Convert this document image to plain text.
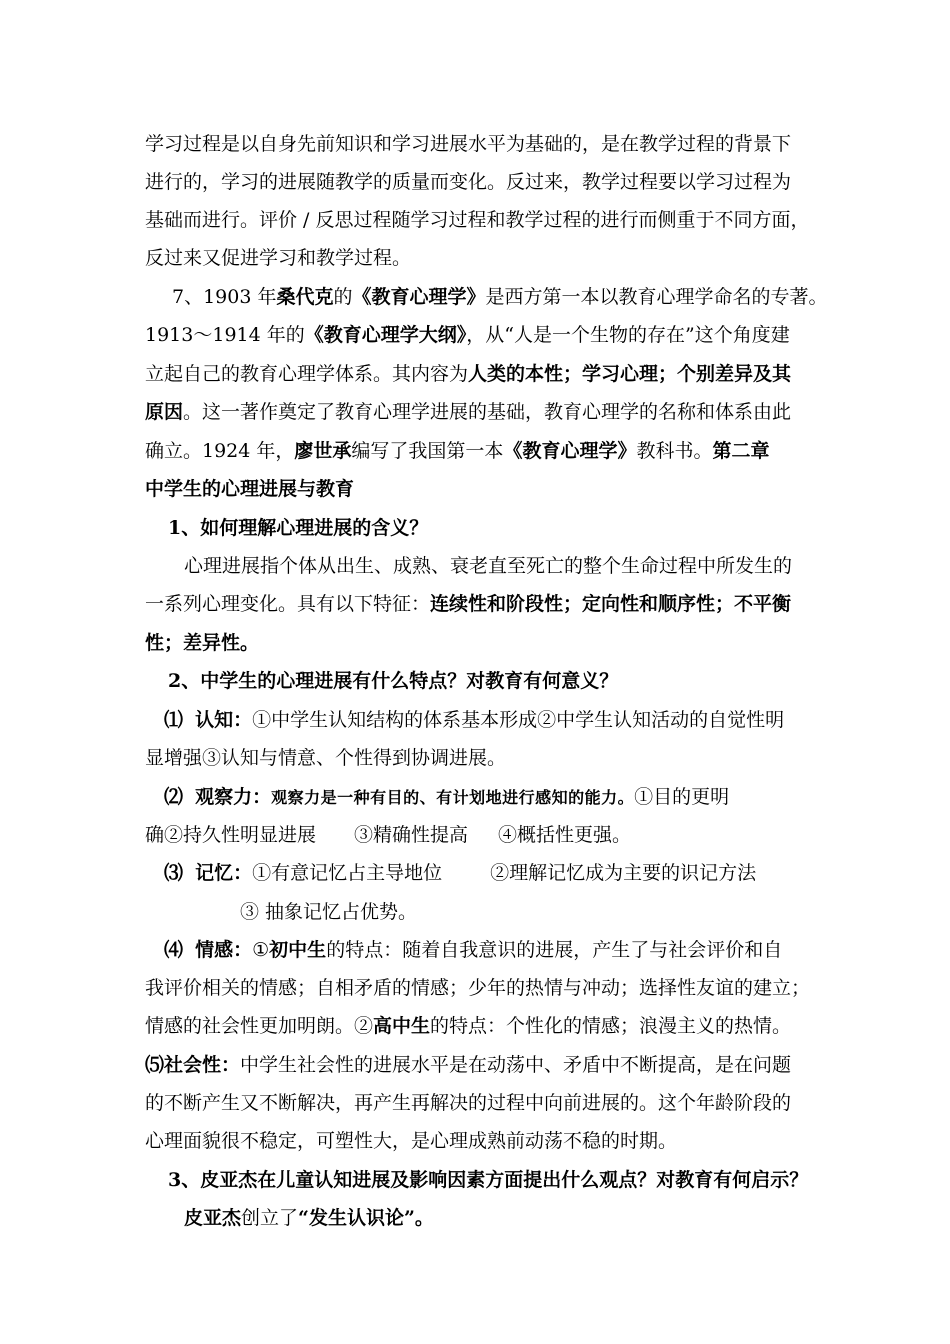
学习过程是以自身先前知识和学习进展水平为基础的，是在教学过程的背景下
进行的，学习的进展随教学的质量而变化。反过来，教学过程要以学习过程为
基础而进行。评价 / 反思过程随学习过程和教学过程的进行而侧重于不同方面，
反过来又促进学习和教学过程。
7、1903 年桑代克的《教育心理学》是西方第一本以教育心理学命名的专著。
1913～1914 年的《教育心理学大纲》，从“人是一个生物的存在”这个角度建
立起自己的教育心理学体系。其内容为人类的本性；学习心理；个别差异及其
原因。这一著作奠定了教育心理学进展的基础，教育心理学的名称和体系由此
确立。1924 年，廖世承编写了我国第一本《教育心理学》教科书。第二章
中学生的心理进展与教育
1、如何理解心理进展的含义？
心理进展指个体从出生、成熟、衰老直至死亡的整个生命过程中所发生的
一系列心理变化。具有以下特征：连续性和阶段性；定向性和顺序性；不平衡
性；差异性。
2、中学生的心理进展有什么特点？对教育有何意义？
⑴ 认知：①中学生认知结构的体系基本形成②中学生认知活动的自觉性明
显增强③认知与情意、个性得到协调进展。
⑵ 观察力：观察力是一种有目的、有计划地进行感知的能力。①目的更明
确②持久性明显进展 ③精确性提高 ④概括性更强。
⑶ 记忆：①有意记忆占主导地位	②理解记忆成为主要的识记方法
③ 抽象记忆占优势。
⑷ 情感：①初中生的特点：随着自我意识的进展，产生了与社会评价和自
我评价相关的情感；自相矛盾的情感；少年的热情与冲动；选择性友谊的建立；
情感的社会性更加明朗。②高中生的特点：个性化的情感；浪漫主义的热情。
⑸社会性：中学生社会性的进展水平是在动荡中、矛盾中不断提高，是在问题
的不断产生又不断解决，再产生再解决的过程中向前进展的。这个年龄阶段的
心理面貌很不稳定，可塑性大，是心理成熟前动荡不稳的时期。
3、皮亚杰在儿童认知进展及影响因素方面提出什么观点？对教育有何启示？
皮亚杰创立了“发生认识论”。
